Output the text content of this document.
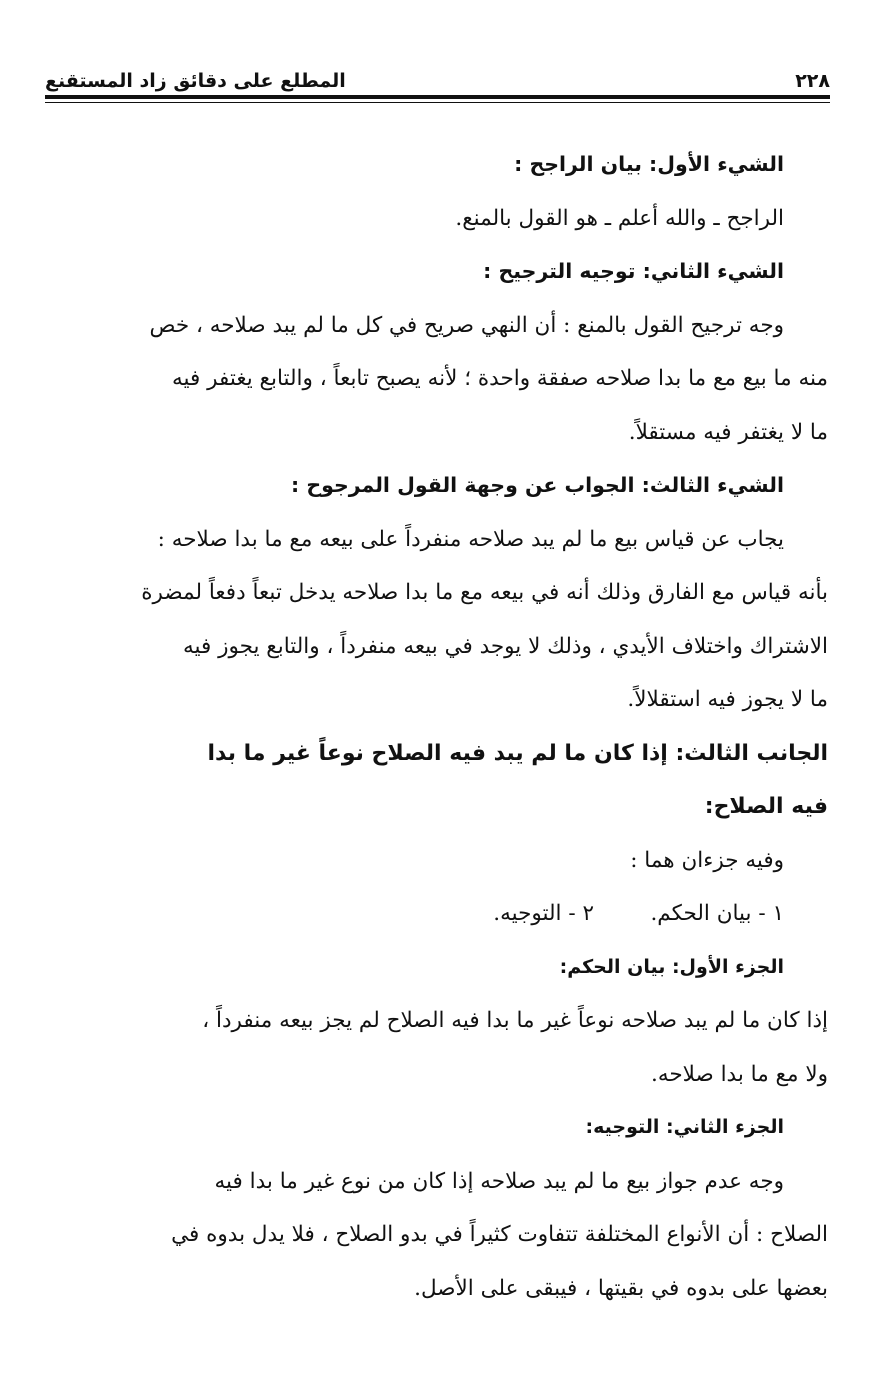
٢٢٨
المطلع على دقائق زاد المستقنع
الشيء الأول: بيان الراجح :
الراجح ـ والله أعلم ـ هو القول بالمنع.
الشيء الثاني: توجيه الترجيح :
وجه ترجيح القول بالمنع : أن النهي صريح في كل ما لم يبد صلاحه ، خص
منه ما بيع مع ما بدا صلاحه صفقة واحدة ؛ لأنه يصبح تابعاً ، والتابع يغتفر فيه
ما لا يغتفر فيه مستقلاً.
الشيء الثالث: الجواب عن وجهة القول المرجوح :
يجاب عن قياس بيع ما لم يبد صلاحه منفرداً على بيعه مع ما بدا صلاحه :
بأنه قياس مع الفارق وذلك أنه في بيعه مع ما بدا صلاحه يدخل تبعاً دفعاً لمضرة
الاشتراك واختلاف الأيدي ، وذلك لا يوجد في بيعه منفرداً ، والتابع يجوز فيه
ما لا يجوز فيه استقلالاً.
الجانب الثالث: إذا كان ما لم يبد فيه الصلاح نوعاً غير ما بدا
فيه الصلاح:
وفيه جزءان هما :
١ - بيان الحكم.
٢ - التوجيه.
الجزء الأول: بيان الحكم:
إذا كان ما لم يبد صلاحه نوعاً غير ما بدا فيه الصلاح لم يجز بيعه منفرداً ،
ولا مع ما بدا صلاحه.
الجزء الثاني: التوجيه:
وجه عدم جواز بيع ما لم يبد صلاحه إذا كان من نوع غير ما بدا فيه
الصلاح : أن الأنواع المختلفة تتفاوت كثيراً في بدو الصلاح ، فلا يدل بدوه في
بعضها على بدوه في بقيتها ، فيبقى على الأصل.
